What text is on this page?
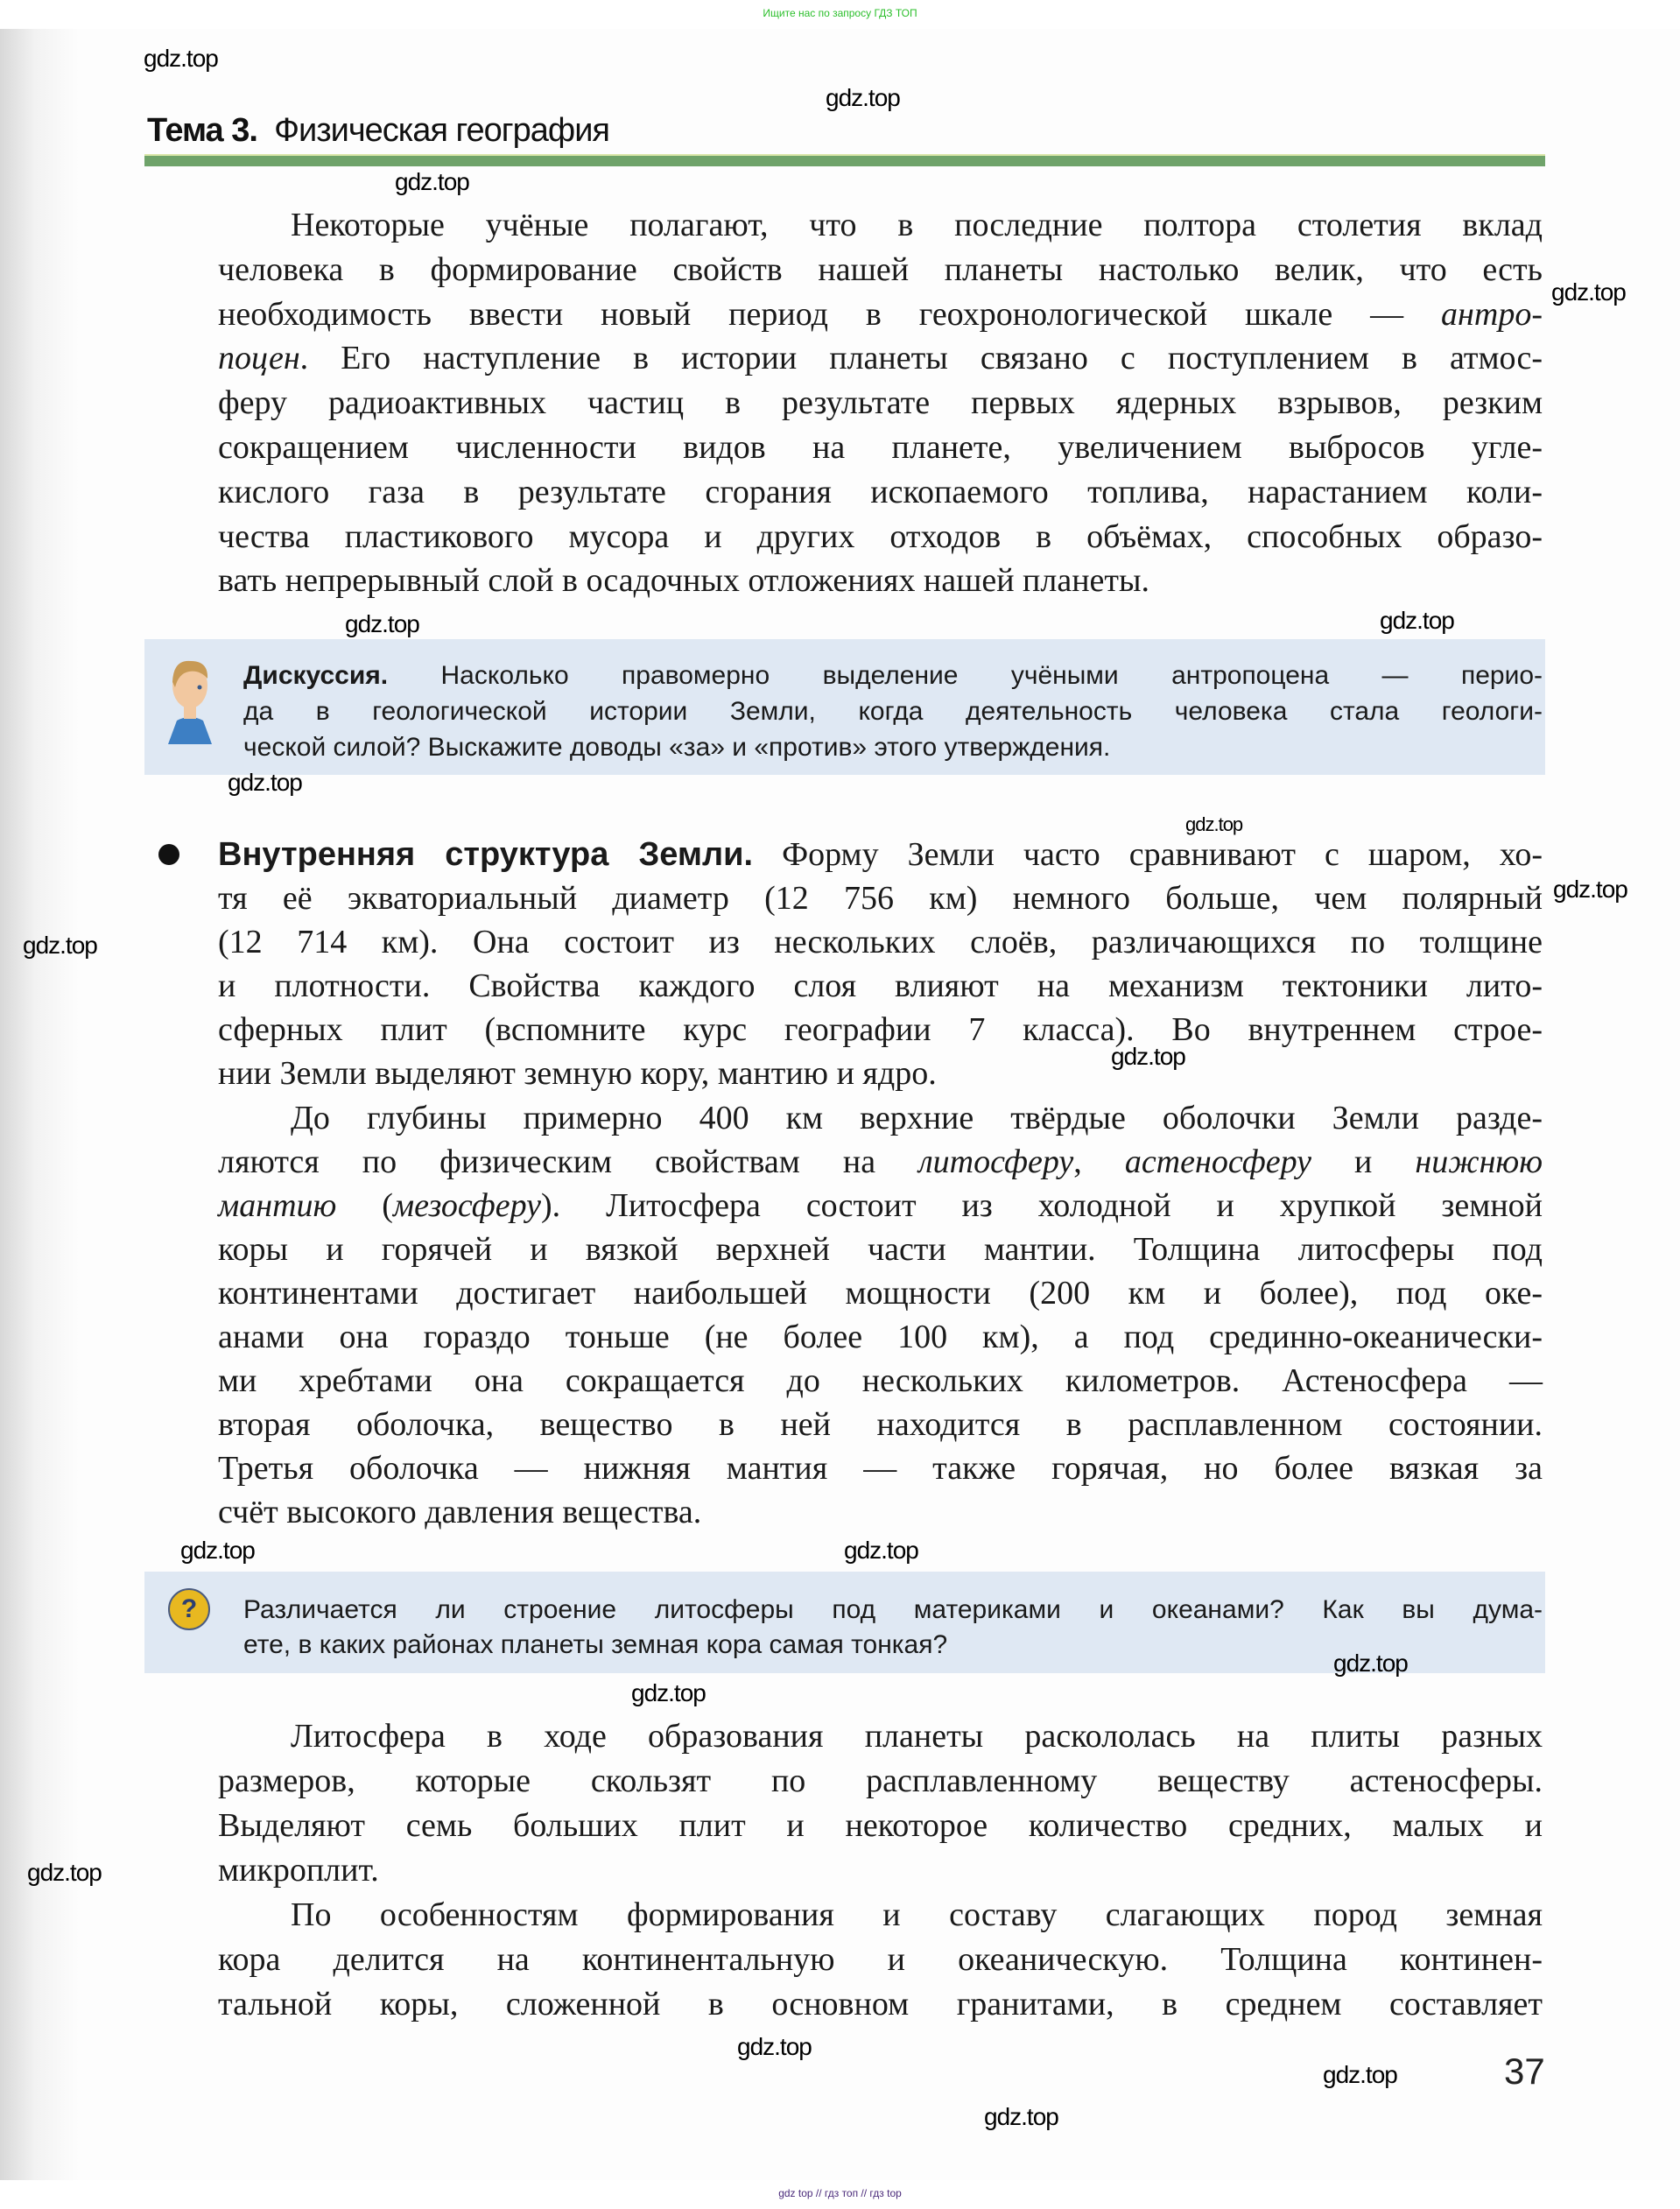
Ищите нас по запросу ГДЗ ТОП
Тема 3. Физическая география
Некоторые учёные полагают, что в последние полтора столетия вклад
человека в формирование свойств нашей планеты настолько велик, что есть
необходимость ввести новый период в геохронологической шкале — антро-
поцен. Его наступление в истории планеты связано с поступлением в атмос-
феру радиоактивных частиц в результате первых ядерных взрывов, резким
сокращением численности видов на планете, увеличением выбросов угле-
кислого газа в результате сгорания ископаемого топлива, нарастанием коли-
чества пластикового мусора и других отходов в объёмах, способных образо-
вать непрерывный слой в осадочных отложениях нашей планеты.
Дискуссия. Насколько правомерно выделение учёными антропоцена — перио-
да в геологической истории Земли, когда деятельность человека стала геологи-
ческой силой? Выскажите доводы «за» и «против» этого утверждения.
Внутренняя структура Земли. Форму Земли часто сравнивают с шаром, хо-
тя её экваториальный диаметр (12 756 км) немного больше, чем полярный
(12 714 км). Она состоит из нескольких слоёв, различающихся по толщине
и плотности. Свойства каждого слоя влияют на механизм тектоники лито-
сферных плит (вспомните курс географии 7 класса). Во внутреннем строе-
нии Земли выделяют земную кору, мантию и ядро.
До глубины примерно 400 км верхние твёрдые оболочки Земли разде-
ляются по физическим свойствам на литосферу, астеносферу и нижнюю
мантию (мезосферу). Литосфера состоит из холодной и хрупкой земной
коры и горячей и вязкой верхней части мантии. Толщина литосферы под
континентами достигает наибольшей мощности (200 км и более), под оке-
анами она гораздо тоньше (не более 100 км), а под срединно-океанически-
ми хребтами она сокращается до нескольких километров. Астеносфера —
вторая оболочка, вещество в ней находится в расплавленном состоянии.
Третья оболочка — нижняя мантия — также горячая, но более вязкая за
счёт высокого давления вещества.
?	Различается ли строение литосферы под материками и океанами? Как вы дума-
ете, в каких районах планеты земная кора самая тонкая?
Литосфера в ходе образования планеты раскололась на плиты разных
размеров, которые скользят по расплавленному веществу астеносферы.
Выделяют семь больших плит и некоторое количество средних, малых и
микроплит.
По особенностям формирования и составу слагающих пород земная
кора делится на континентальную и океаническую. Толщина континен-
тальной коры, сложенной в основном гранитами, в среднем составляет
37
gdz.top
gdz.top
gdz.top
gdz.top
gdz.top
gdz.top
gdz.top
gdz.top
gdz.top
gdz.top
gdz.top
gdz.top
gdz.top
gdz.top
gdz.top
gdz.top
gdz.top
gdz.top
gdz.top
gdz top // гдз топ // гдз top
